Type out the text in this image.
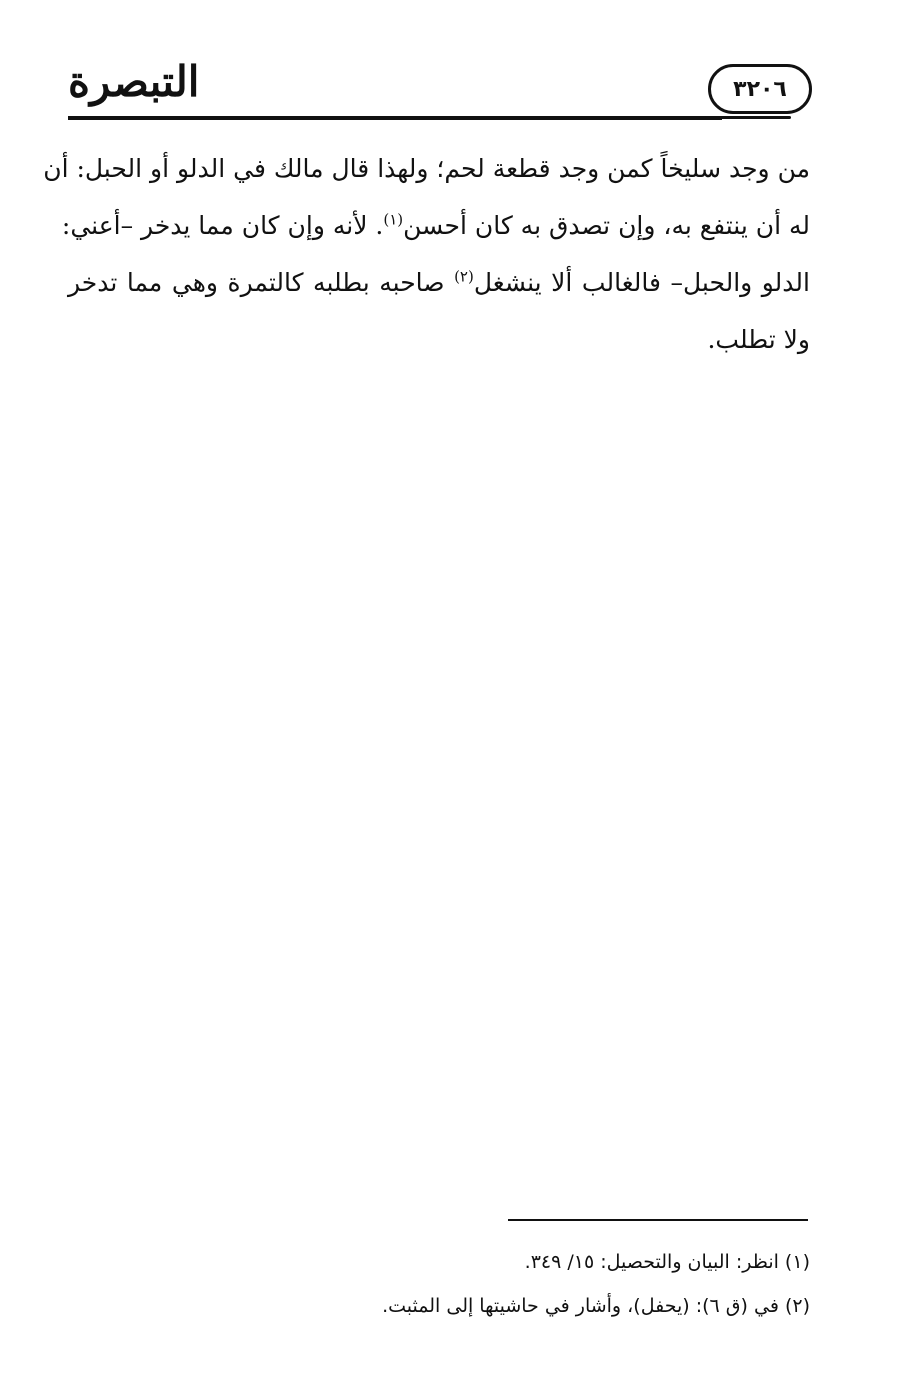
التبصرة	٣٢٠٦
من وجد سليخاً كمن وجد قطعة لحم؛ ولهذا قال مالك في الدلو أو الحبل: أن
له أن ينتفع به، وإن تصدق به كان أحسن$^{(١)}$. لأنه وإن كان مما يدخر –أعني:
الدلو والحبل– فالغالب ألا ينشغل$^{(٢)}$ صاحبه بطلبه كالتمرة وهي مما تدخر
ولا تطلب.
(١) انظر: البيان والتحصيل: ١٥/ ٣٤٩.
(٢) في (ق ٦): (يحفل)، وأشار في حاشيتها إلى المثبت.
